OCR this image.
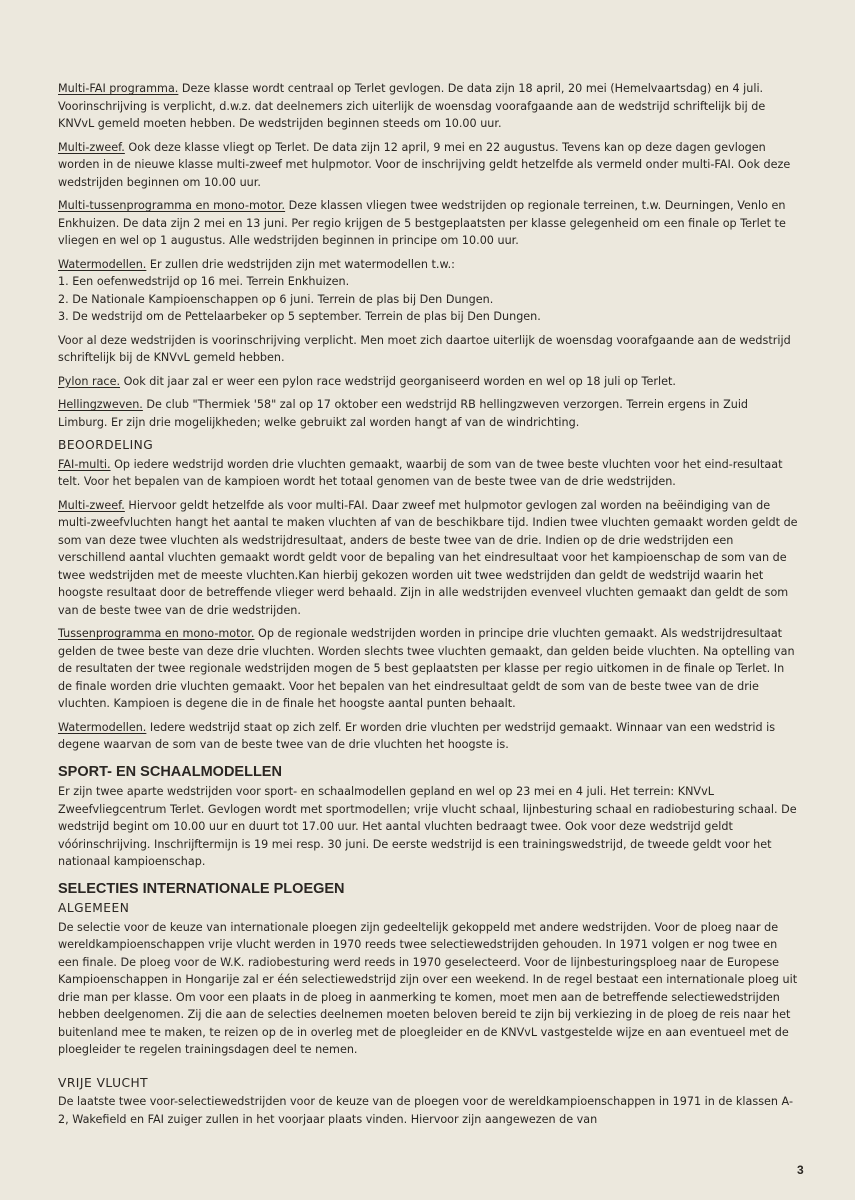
Multi-FAI programma. Deze klasse wordt centraal op Terlet gevlogen. De data zijn 18 april, 20 mei (Hemelvaartsdag) en 4 juli. Voorinschrijving is verplicht, d.w.z. dat deelnemers zich uiterlijk de woensdag voorafgaande aan de wedstrijd schriftelijk bij de KNVvL gemeld moeten hebben. De wedstrijden beginnen steeds om 10.00 uur.

Multi-zweef. Ook deze klasse vliegt op Terlet. De data zijn 12 april, 9 mei en 22 augustus. Tevens kan op deze dagen gevlogen worden in de nieuwe klasse multi-zweef met hulpmotor. Voor de inschrijving geldt hetzelfde als vermeld onder multi-FAI. Ook deze wedstrijden beginnen om 10.00 uur.

Multi-tussenprogramma en mono-motor. Deze klassen vliegen twee wedstrijden op regionale terreinen, t.w. Deurningen, Venlo en Enkhuizen. De data zijn 2 mei en 13 juni. Per regio krijgen de 5 bestgeplaatsten per klasse gelegenheid om een finale op Terlet te vliegen en wel op 1 augustus. Alle wedstrijden beginnen in principe om 10.00 uur.

Watermodellen. Er zullen drie wedstrijden zijn met watermodellen t.w.:
1. Een oefenwedstrijd op 16 mei. Terrein Enkhuizen.
2. De Nationale Kampioenschappen op 6 juni. Terrein de plas bij Den Dungen.
3. De wedstrijd om de Pettelaarbeker op 5 september. Terrein de plas bij Den Dungen.

Voor al deze wedstrijden is voorinschrijving verplicht. Men moet zich daartoe uiterlijk de woensdag voorafgaande aan de wedstrijd schriftelijk bij de KNVvL gemeld hebben.

Pylon race. Ook dit jaar zal er weer een pylon race wedstrijd georganiseerd worden en wel op 18 juli op Terlet.

Hellingzweven. De club "Thermiek '58" zal op 17 oktober een wedstrijd RB hellingzweven verzorgen. Terrein ergens in Zuid Limburg. Er zijn drie mogelijkheden; welke gebruikt zal worden hangt af van de windrichting.

BEOORDELING

FAI-multi. Op iedere wedstrijd worden drie vluchten gemaakt, waarbij de som van de twee beste vluchten voor het eind-resultaat telt. Voor het bepalen van de kampioen wordt het totaal genomen van de beste twee van de drie wedstrijden.

Multi-zweef. Hiervoor geldt hetzelfde als voor multi-FAI. Daar zweef met hulpmotor gevlogen zal worden na beëindiging van de multi-zweefvluchten hangt het aantal te maken vluchten af van de beschikbare tijd. Indien twee vluchten gemaakt worden geldt de som van deze twee vluchten als wedstrijdresultaat, anders de beste twee van de drie. Indien op de drie wedstrijden een verschillend aantal vluchten gemaakt wordt geldt voor de bepaling van het eindresultaat voor het kampioenschap de som van de twee wedstrijden met de meeste vluchten.Kan hierbij gekozen worden uit twee wedstrijden dan geldt de wedstrijd waarin het hoogste resultaat door de betreffende vlieger werd behaald. Zijn in alle wedstrijden evenveel vluchten gemaakt dan geldt de som van de beste twee van de drie wedstrijden.

Tussenprogramma en mono-motor. Op de regionale wedstrijden worden in principe drie vluchten gemaakt. Als wedstrijdresultaat gelden de twee beste van deze drie vluchten. Worden slechts twee vluchten gemaakt, dan gelden beide vluchten. Na optelling van de resultaten der twee regionale wedstrijden mogen de 5 best geplaatsten per klasse per regio uitkomen in de finale op Terlet. In de finale worden drie vluchten gemaakt. Voor het bepalen van het eindresultaat geldt de som van de beste twee van de drie vluchten. Kampioen is degene die in de finale het hoogste aantal punten behaalt.

Watermodellen. Iedere wedstrijd staat op zich zelf. Er worden drie vluchten per wedstrijd gemaakt. Winnaar van een wedstrid is degene waarvan de som van de beste twee van de drie vluchten het hoogste is.

SPORT- EN SCHAALMODELLEN

Er zijn twee aparte wedstrijden voor sport- en schaalmodellen gepland en wel op 23 mei en 4 juli. Het terrein: KNVvL Zweefvliegcentrum Terlet. Gevlogen wordt met sportmodellen; vrije vlucht schaal, lijnbesturing schaal en radiobesturing schaal. De wedstrijd begint om 10.00 uur en duurt tot 17.00 uur. Het aantal vluchten bedraagt twee. Ook voor deze wedstrijd geldt vóórinschrijving. Inschrijftermijn is 19 mei resp. 30 juni. De eerste wedstrijd is een trainingswedstrijd, de tweede geldt voor het nationaal kampioenschap.

SELECTIES INTERNATIONALE PLOEGEN
ALGEMEEN

De selectie voor de keuze van internationale ploegen zijn gedeeltelijk gekoppeld met andere wedstrijden. Voor de ploeg naar de wereldkampioenschappen vrije vlucht werden in 1970 reeds twee selectiewedstrijden gehouden. In 1971 volgen er nog twee en een finale. De ploeg voor de W.K. radiobesturing werd reeds in 1970 geselecteerd. Voor de lijnbesturingsploeg naar de Europese Kampioenschappen in Hongarije zal er één selectiewedstrijd zijn over een weekend. In de regel bestaat een internationale ploeg uit drie man per klasse. Om voor een plaats in de ploeg in aanmerking te komen, moet men aan de betreffende selectiewedstrijden hebben deelgenomen. Zij die aan de selecties deelnemen moeten beloven bereid te zijn bij verkiezing in de ploeg de reis naar het buitenland mee te maken, te reizen op de in overleg met de ploegleider en de KNVvL vastgestelde wijze en aan eventueel met de ploegleider te regelen trainingsdagen deel te nemen.

VRIJE VLUCHT

De laatste twee voor-selectiewedstrijden voor de keuze van de ploegen voor de wereldkampioenschappen in 1971 in de klassen A-2, Wakefield en FAI zuiger zullen in het voorjaar plaats vinden. Hiervoor zijn aangewezen de van

3
